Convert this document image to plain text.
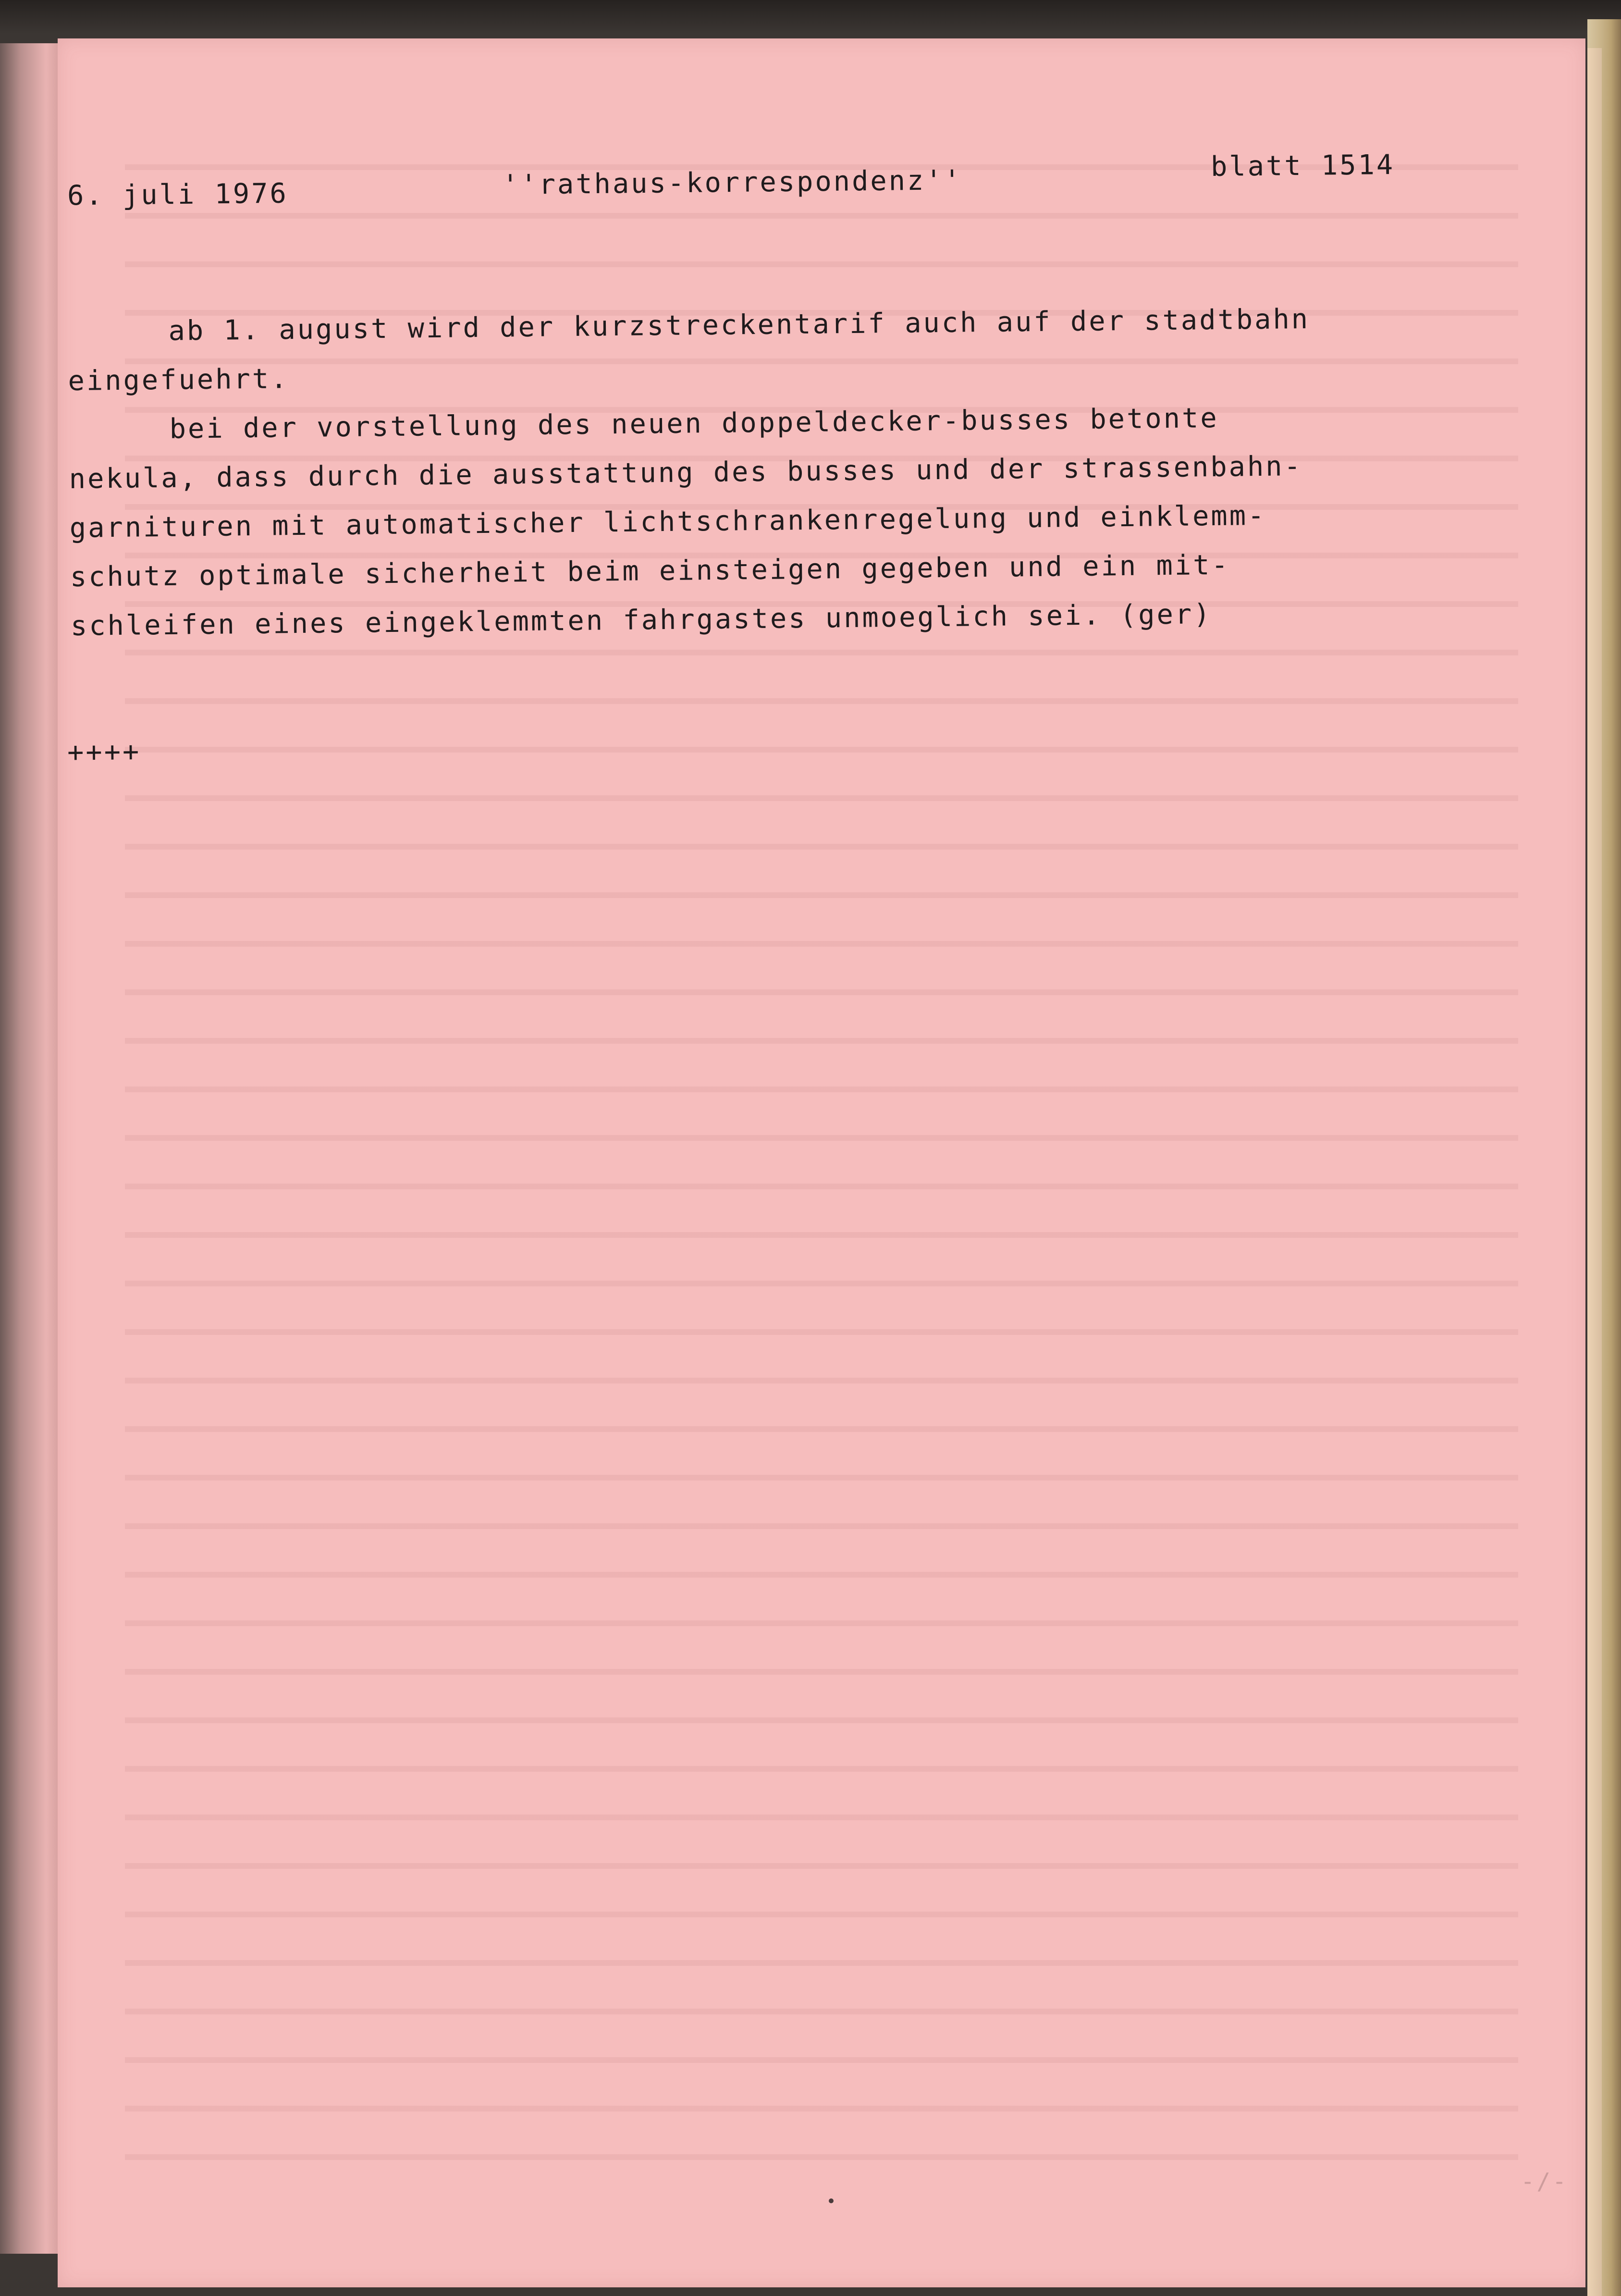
6. juli 1976	''rathaus-korrespondenz''	blatt 1514

ab 1. august wird der kurzstreckentarif auch auf der stadtbahn
eingefuehrt.
bei der vorstellung des neuen doppeldecker-busses betonte
nekula, dass durch die ausstattung des busses und der strassenbahn-
garnituren mit automatischer lichtschrankenregelung und einklemm-
schutz optimale sicherheit beim einsteigen gegeben und ein mit-
schleifen eines eingeklemmten fahrgastes unmoeglich sei. (ger)

++++

-/-
